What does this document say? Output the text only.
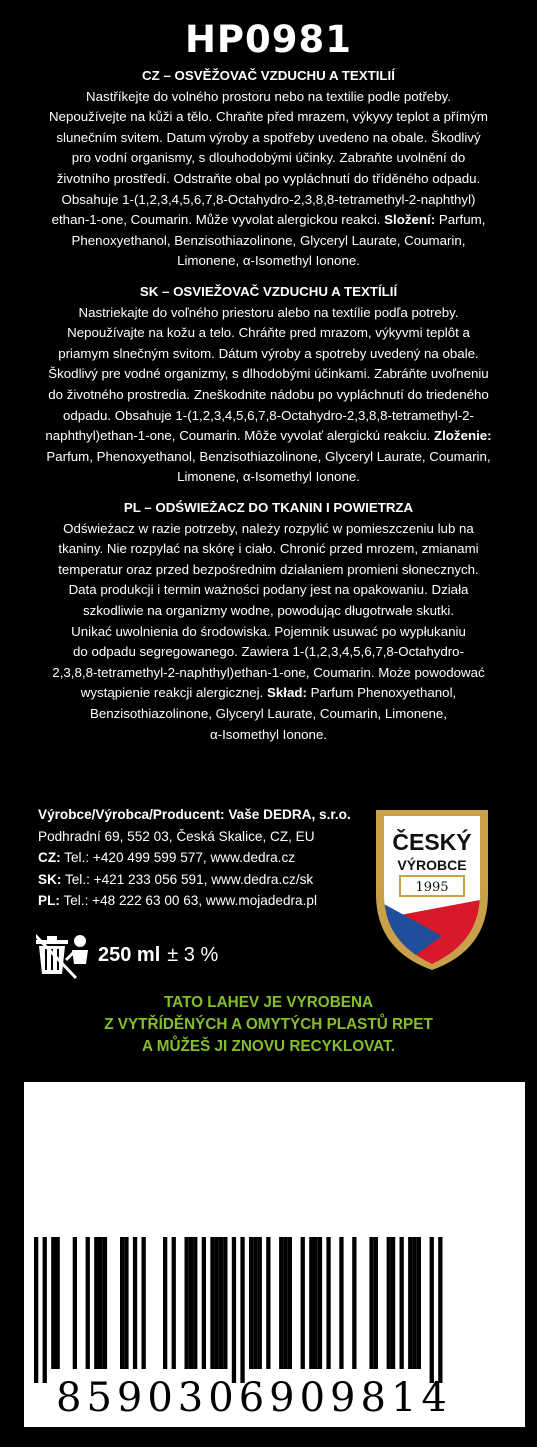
HP0981
CZ – OSVĚŽOVAČ VZDUCHU A TEXTILIÍ

Nastříkejte do volného prostoru nebo na textilie podle potřeby.

Nepoužívejte na kůži a tělo. Chraňte před mrazem, výkyvy teplot a přímým

slunečním svitem. Datum výroby a spotřeby uvedeno na obale. Škodlivý

pro vodní organismy, s dlouhodobými účinky. Zabraňte uvolnění do

životního prostředí. Odstraňte obal po vypláchnutí do tříděného odpadu.

Obsahuje 1-(1,2,3,4,5,6,7,8-Octahydro-2,3,8,8-tetramethyl-2-naphthyl)

ethan-1-one, Coumarin. Může vyvolat alergickou reakci. Složení: Parfum,

Phenoxyethanol, Benzisothiazolinone, Glyceryl Laurate, Coumarin,

Limonene, α-Isomethyl Ionone.

SK – OSVIEŽOVAČ VZDUCHU A TEXTÍLIÍ

Nastriekajte do voľného priestoru alebo na textílie podľa potreby.

Nepoužívajte na kožu a telo. Chráňte pred mrazom, výkyvmi teplôt a

priamym slnečným svitom. Dátum výroby a spotreby uvedený na obale.

Škodlivý pre vodné organizmy, s dlhodobými účinkami. Zabráňte uvoľneniu

do životného prostredia. Zneškodnite nádobu po vypláchnutí do triedeného

odpadu. Obsahuje 1-(1,2,3,4,5,6,7,8-Octahydro-2,3,8,8-tetramethyl-2-

naphthyl)ethan-1-one, Coumarin. Môže vyvolať alergickú reakciu. Zloženie:

Parfum, Phenoxyethanol, Benzisothiazolinone, Glyceryl Laurate, Coumarin,

Limonene, α-Isomethyl Ionone.

PL – ODŚWIEŻACZ DO TKANIN I POWIETRZA

Odświeżacz w razie potrzeby, należy rozpylić w pomieszczeniu lub na

tkaniny. Nie rozpylać na skórę i ciało. Chronić przed mrozem, zmianami

temperatur oraz przed bezpośrednim działaniem promieni słonecznych.

Data produkcji i termin ważności podany jest na opakowaniu. Działa

szkodliwie na organizmy wodne, powodując długotrwałe skutki.

Unikać uwolnienia do środowiska. Pojemnik usuwać po wypłukaniu

do odpadu segregowanego. Zawiera 1-(1,2,3,4,5,6,7,8-Octahydro-

2,3,8,8-tetramethyl-2-naphthyl)ethan-1-one, Coumarin. Może powodować

wystąpienie reakcji alergicznej. Skład: Parfum Phenoxyethanol,

Benzisothiazolinone, Glyceryl Laurate, Coumarin, Limonene,

α-Isomethyl Ionone.

Výrobce/Výrobca/Producent: Vaše DEDRA, s.r.o.
Podhradní 69, 552 03, Česká Skalice, CZ, EU
CZ: Tel.: +420 499 599 577, www.dedra.cz
SK: Tel.: +421 233 056 591, www.dedra.cz/sk
PL: Tel.: +48 222 63 00 63, www.mojadedra.pl
ČESKÝ
VÝROBCE
1995
250 ml ± 3 %
TATO LAHEV JE VYROBENA
Z VYTŘÍDĚNÝCH A OMYTÝCH PLASTŮ RPET
A MŮŽEŠ JI ZNOVU RECYKLOVAT.
8590306909814
